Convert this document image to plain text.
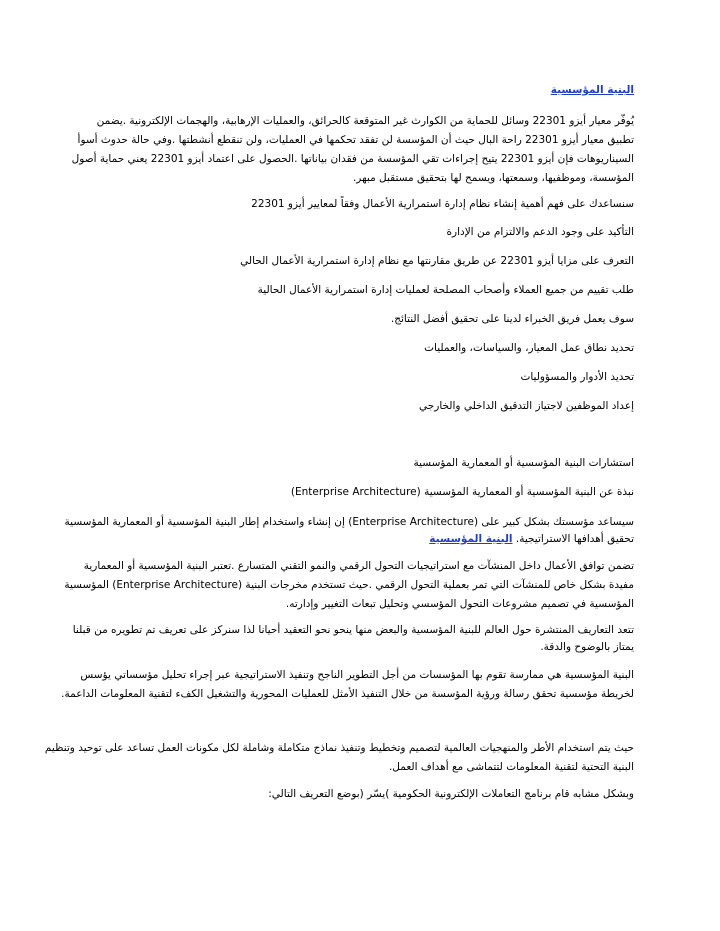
البنية المؤسسية
يُوفّر معيار أيزو 22301 وسائل للحماية من الكوارث غير المتوقعة كالحرائق، والعمليات الإرهابية، والهجمات الإلكترونية .يضمن
تطبيق معيار أيزو 22301 راحة البال حيث أن المؤسسة لن تفقد تحكمها في العمليات، ولن تنقطع أنشطتها .وفي حالة حدوث أسوأ
السيناريوهات فإن أيزو 22301 يتيح إجراءات تقي المؤسسة من فقدان بياناتها .الحصول على اعتماد أيزو 22301 يعني حماية أصول
المؤسسة، وموظفيها، وسمعتها، ويسمح لها بتحقيق مستقبل مبهر.
سنساعدك على فهم أهمية إنشاء نظام إدارة استمرارية الأعمال وفقاً لمعايير أيزو 22301
التأكيد على وجود الدعم والالتزام من الإدارة
التعرف على مزايا أيزو 22301 عن طريق مقارنتها مع نظام إدارة استمرارية الأعمال الحالي
طلب تقييم من جميع العملاء وأصحاب المصلحة لعمليات إدارة استمرارية الأعمال الحالية
سوف يعمل فريق الخبراء لدينا على تحقيق أفضل النتائج.
تحديد نطاق عمل المعيار، والسياسات، والعمليات
تحديد الأدوار والمسؤوليات
إعداد الموظفين لاجتياز التدقيق الداخلي والخارجي
استشارات البنية المؤسسية أو المعمارية المؤسسية
نبذة عن البنية المؤسسية أو المعمارية المؤسسية (Enterprise Architecture)
سيساعد مؤسستك بشكل كبير على (Enterprise Architecture) إن إنشاء واستخدام إطار البنية المؤسسية أو المعمارية المؤسسية
تحقيق أهدافها الاستراتيجية. البنية المؤسسية
تضمن توافق الأعمال داخل المنشآت مع استراتيجيات التحول الرقمي والنمو التقني المتسارع .تعتبر البنية المؤسسية أو المعمارية
مفيدة بشكل خاص للمنشآت التي تمر بعملية التحول الرقمي .حيث تستخدم مخرجات البنية (Enterprise Architecture) المؤسسية
المؤسسية في تصميم مشروعات التحول المؤسسي وتحليل تبعات التغيير وإدارته.
تتعد التعاريف المنتشرة حول العالم للبنية المؤسسية والبعض منها ينحو نحو التعقيد أحيانا لذا سنركز على تعريف تم تطويره من قبلنا
يمتاز بالوضوح والدقة.
البنية المؤسسية هي ممارسة تقوم بها المؤسسات من أجل التطوير الناجح وتنفيذ الاستراتيجية عبر إجراء تحليل مؤسساتي يؤسس
لخريطة مؤسسية تحقق رسالة ورؤية المؤسسة من خلال التنفيذ الأمثل للعمليات المحورية والتشغيل الكفء لتقنية المعلومات الداعمة.
حيث يتم استخدام الأطر والمنهجيات العالمية لتصميم وتخطيط وتنفيذ نماذج متكاملة وشاملة لكل مكونات العمل تساعد على توحيد وتنظيم
البنية التحتية لتقنية المعلومات لتتماشى مع أهداف العمل.
وبشكل مشابه قام برنامج التعاملات الإلكترونية الحكومية )يسّر (بوضع التعريف التالي:
